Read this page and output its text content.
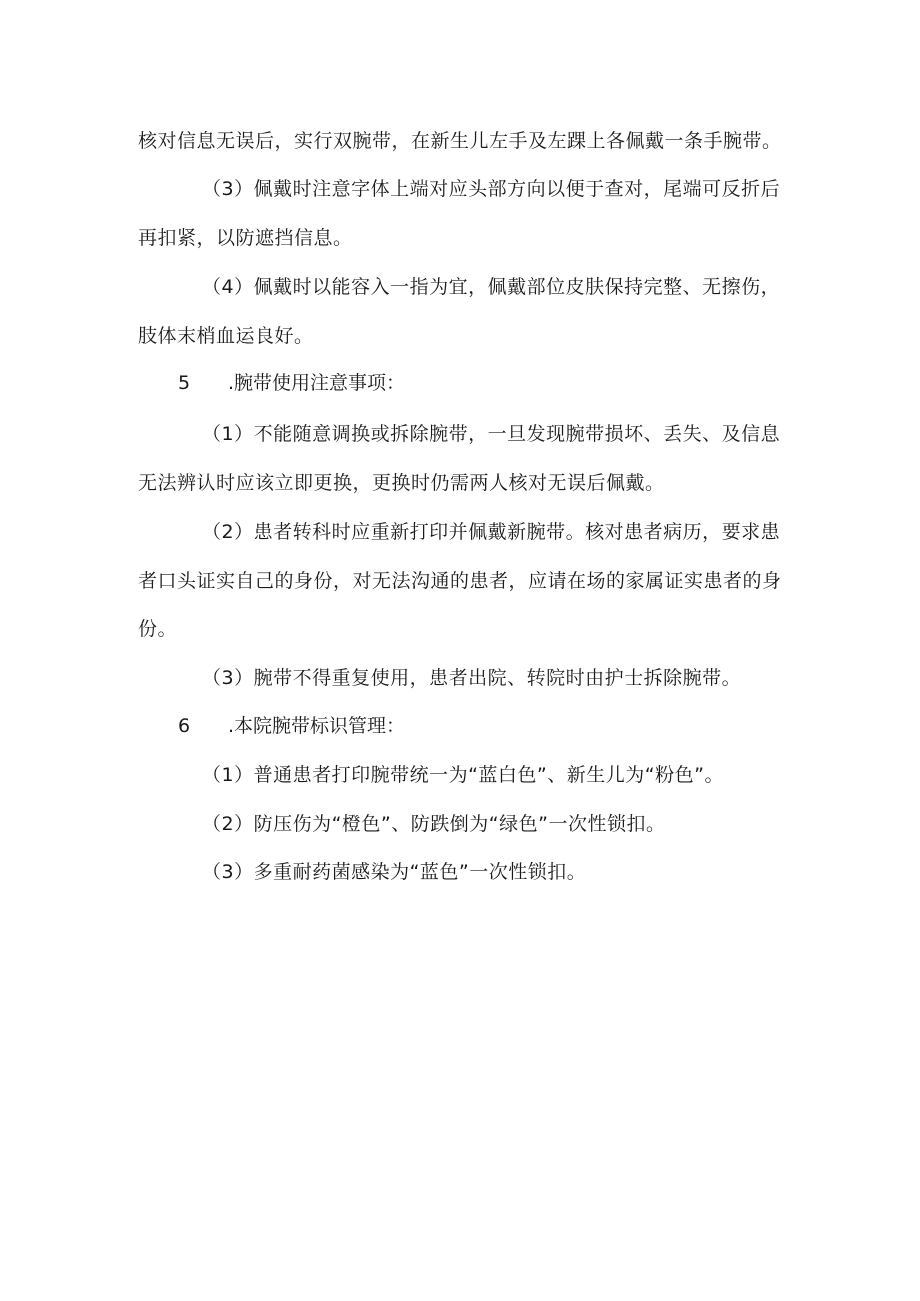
核对信息无误后，实行双腕带，在新生儿左手及左踝上各佩戴一条手腕带。

（3）佩戴时注意字体上端对应头部方向以便于查对，尾端可反折后再扣紧，以防遮挡信息。

（4）佩戴时以能容入一指为宜，佩戴部位皮肤保持完整、无擦伤，肢体末梢血运良好。

5 .腕带使用注意事项：

（1）不能随意调换或拆除腕带，一旦发现腕带损坏、丢失、及信息无法辨认时应该立即更换，更换时仍需两人核对无误后佩戴。

（2）患者转科时应重新打印并佩戴新腕带。核对患者病历，要求患者口头证实自己的身份，对无法沟通的患者，应请在场的家属证实患者的身份。

（3）腕带不得重复使用，患者出院、转院时由护士拆除腕带。

6 .本院腕带标识管理：

（1）普通患者打印腕带统一为“蓝白色”、新生儿为“粉色”。

（2）防压伤为“橙色”、防跌倒为“绿色”一次性锁扣。

（3）多重耐药菌感染为“蓝色”一次性锁扣。
